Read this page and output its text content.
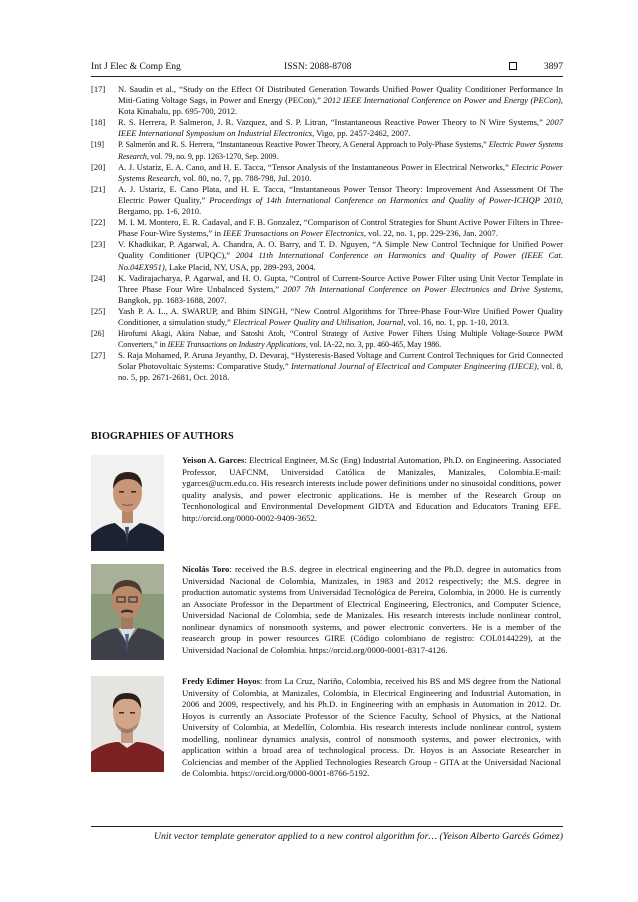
Int J Elec & Comp Eng	ISSN: 2088-8708	3897
[17] N. Saudin et al., “Study on the Effect Of Distributed Generation Towards Unified Power Quality Conditioner Performance In Miti-Gating Voltage Sags, in Power and Energy (PECon),” 2012 IEEE International Conference on Power and Energy (PECon), Kota Kinabalu, pp. 695-700, 2012.
[18] R. S. Herrera, P. Salmeron, J. R. Vazquez, and S. P. Litran, “Instantaneous Reactive Power Theory to N Wire Systems,” 2007 IEEE International Symposium on Industrial Electronics, Vigo, pp. 2457-2462, 2007.
[19] P. Salmerón and R. S. Herrera, “Instantaneous Reactive Power Theory, A General Approach to Poly-Phase Systems,” Electric Power Systems Research, vol. 79, no. 9, pp. 1263-1270, Sep. 2009.
[20] A. J. Ustariz, E. A. Cano, and H. E. Tacca, “Tensor Analysis of the Instantaneous Power in Electrical Networks,” Electric Power Systems Research, vol. 80, no. 7, pp. 788-798, Jul. 2010.
[21] A. J. Ustariz, E. Cano Plata, and H. E. Tacca, “Instantaneous Power Tensor Theory: Improvement And Assessment Of The Electric Power Quality,” Proceedings of 14th International Conference on Harmonics and Quality of Power-ICHQP 2010, Bergamo, pp. 1-6, 2010.
[22] M. I. M. Montero, E. R. Cadaval, and F. B. Gonzalez, “Comparison of Control Strategies for Shunt Active Power Filters in Three-Phase Four-Wire Systems,” in IEEE Transactions on Power Electronics, vol. 22, no. 1, pp. 229-236, Jan. 2007.
[23] V. Khadkikar, P. Agarwal, A. Chandra, A. O. Barry, and T. D. Nguyen, “A Simple New Control Technique for Unified Power Quality Conditioner (UPQC),” 2004 11th International Conference on Harmonics and Quality of Power (IEEE Cat. No.04EX951), Lake Placid, NY, USA, pp. 289-293, 2004.
[24] K. Vadirajacharya, P. Agarwal, and H. O. Gupta, “Control of Current-Source Active Power Filter using Unit Vector Template in Three Phase Four Wire Unbalnced System,” 2007 7th International Conference on Power Electronics and Drive Systems, Bangkok, pp. 1683-1688, 2007.
[25] Yash P. A. L., A. SWARUP, and Bhim SINGH, “New Control Algorithms for Three-Phase Four-Wire Unified Power Quality Conditioner, a simulation study,” Electrical Power Quality and Utilisation, Journal, vol. 16, no. 1, pp. 1-10, 2013.
[26] Hirofumi Akagi, Akira Nabae, and Satoshi Atoh, “Control Strategy of Active Power Filters Using Multiple Voltage-Source PWM Converters,” in IEEE Transactions on Industry Applications, vol. IA-22, no. 3, pp. 460-465, May 1986.
[27] S. Raja Mohamed, P. Aruna Jeyanthy, D. Devaraj, “Hysteresis-Based Voltage and Current Control Techniques for Grid Connected Solar Photovoltaic Systems: Comparative Study,” International Journal of Electrical and Computer Engineering (IJECE), vol. 8, no. 5, pp. 2671-2681, Oct. 2018.
BIOGRAPHIES OF AUTHORS
Yeison A. Garces: Electrical Engineer, M.Sc (Eng) Industrial Automation, Ph.D. on Engineering. Associated Professor, UAFCNM, Universidad Católica de Manizales, Manizales, Colombia.E-mail: ygarces@ucm.edu.co. His research interests include power definitions under no sinusoidal conditions, power quality analysis, and power electronic applications. He is member of the Research Group on Tecnhonological and Environmental Development GIDTA and Education and Educators Traning EFE. http://orcid.org/0000-0002-9409-3652.
Nicolás Toro: received the B.S. degree in electrical engineering and the Ph.D. degree in automatics from Universidad Nacional de Colombia, Manizales, in 1983 and 2012 respectively; the M.S. degree in production automatic systems from Universidad Tecnológica de Pereira, Colombia, in 2000. He is currently an Associate Professor in the Department of Electrical Engineering, Electronics, and Computer Science, Universidad Nacional de Colombia, sede de Manizales. His research interests include nonlinear control, nonlinear dynamics of nonsmooth systems, and power electronic converters. He is a member of the reasearch group in power resources GIRE (Código colombiano de registro: COL0144229), at the Universidad Nacional de Colombia. https://orcid.org/0000-0001-8317-4126.
Fredy Edimer Hoyos: from La Cruz, Nariño, Colombia, received his BS and MS degree from the National University of Colombia, at Manizales, Colombia, in Electrical Engineering and Industrial Automation, in 2006 and 2009, respectively, and his Ph.D. in Engineering with an emphasis in Automation in 2012. Dr. Hoyos is currently an Associate Professor of the Science Faculty, School of Physics, at the National University of Colombia, at Medellín, Colombia. His research interests include nonlinear control, system modelling, nonlinear dynamics analysis, control of nonsmooth systems, and power electronics, with application within a broad area of technological process. Dr. Hoyos is an Associate Researcher in Colciencias and member of the Applied Technologies Research Group - GITA at the Universidad Nacional de Colombia. https://orcid.org/0000-0001-8766-5192.
Unit vector template generator applied to a new control algorithm for… (Yeison Alberto Garcés Gómez)
